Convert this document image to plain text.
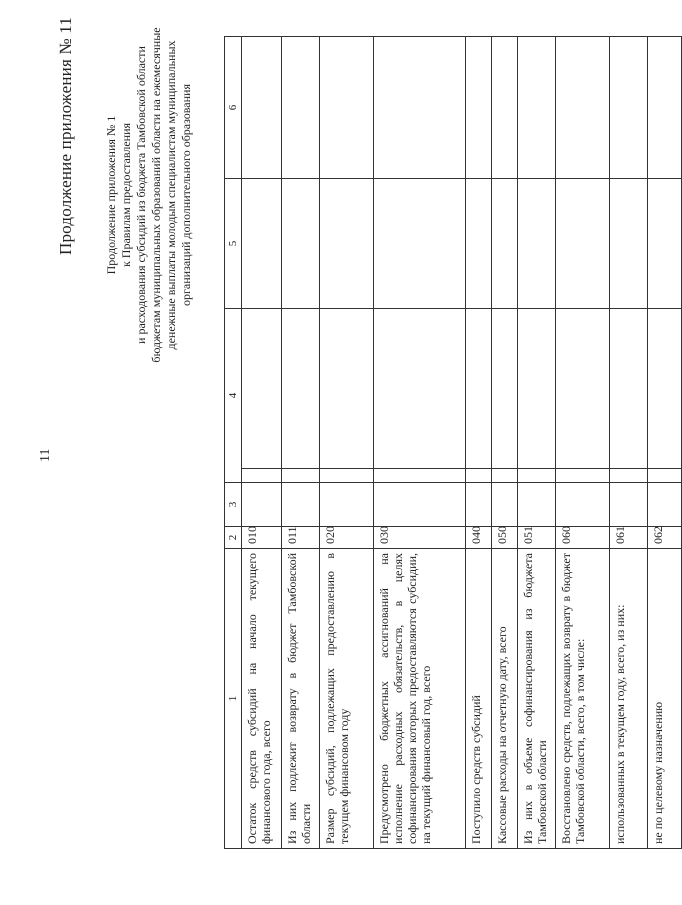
11
Продолжение приложения № 11 Продолжение приложения № 1 к Правилам предоставления и расходования субсидий из бюджета Тамбовской области бюджетам муниципальных образований области на ежемесячные денежные выплаты молодым специалистам муниципальных организаций дополнительного образования
1	2	3	4		5	6
Остаток средств субсидий на начало текущего финансового года, всего	010					
Из них подлежит возврату в бюджет Тамбовской области	011					
Размер субсидий, подлежащих предоставлению в текущем финансовом году	020					
Предусмотрено бюджетных ассигнований на исполнение расходных обязательств, в целях софинансирования которых предоставляются субсидии, на текущий финансовый год, всего	030					
Поступило средств субсидий	040					
Кассовые расходы на отчетную дату, всего	050					
Из них в объеме софинансирования из бюджета Тамбовской области	051					
Восстановлено средств, подлежащих возврату в бюджет Тамбовской области, всего, в том числе:	060					
использованных в текущем году, всего, из них:	061					
не по целевому назначению	062					
